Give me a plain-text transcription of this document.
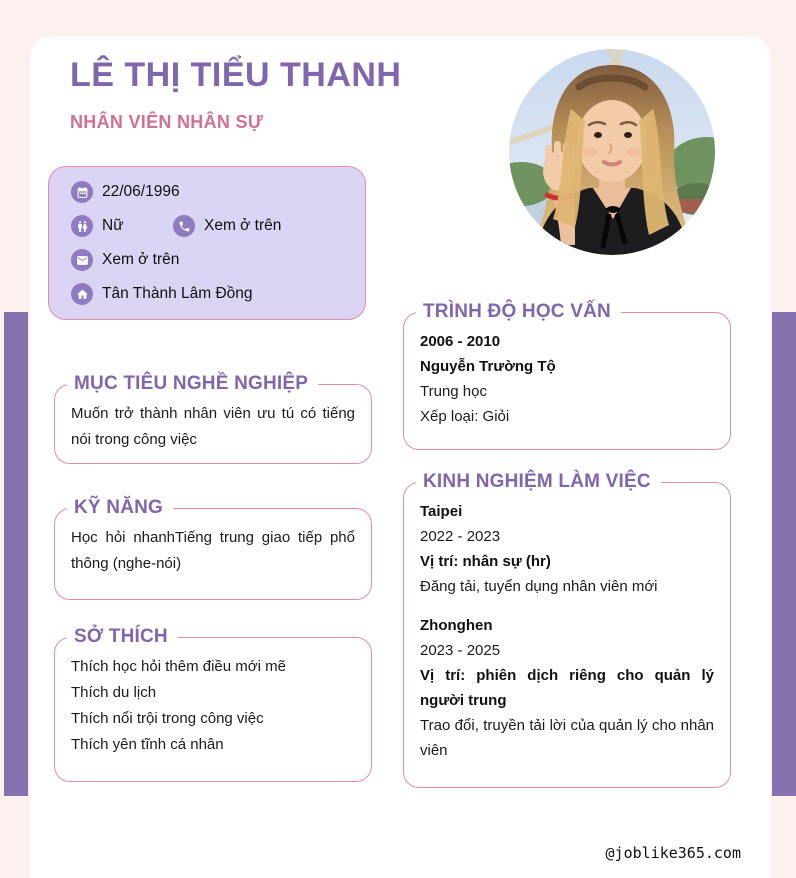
LÊ THỊ TIỂU THANH
NHÂN VIÊN NHÂN SỰ
22/06/1996
Nữ	Xem ở trên
Xem ở trên
Tân Thành Lâm Đồng
MỤC TIÊU NGHỀ NGHIỆP

Muốn trở thành nhân viên ưu tú có tiếng nói trong công việc

KỸ NĂNG

Học hỏi nhanhTiếng trung giao tiếp phổ thông (nghe-nói)

SỞ THÍCH
Thích học hỏi thêm điều mới mẽ
Thích du lịch
Thích nổi trội trong công việc
Thích yên tĩnh cá nhân
TRÌNH ĐỘ HỌC VẤN
2006 - 2010
Nguyễn Trường Tộ
Trung học
Xếp loại: Giỏi
KINH NGHIỆM LÀM VIỆC
Taipei
2022 - 2023
Vị trí: nhân sự (hr)
Đăng tải, tuyển dụng nhân viên mới
Zhonghen
2023 - 2025
Vị trí: phiên dịch riêng cho quản lý người trung
Trao đổi, truyền tải lời của quản lý cho nhân viên
@joblike365.com
